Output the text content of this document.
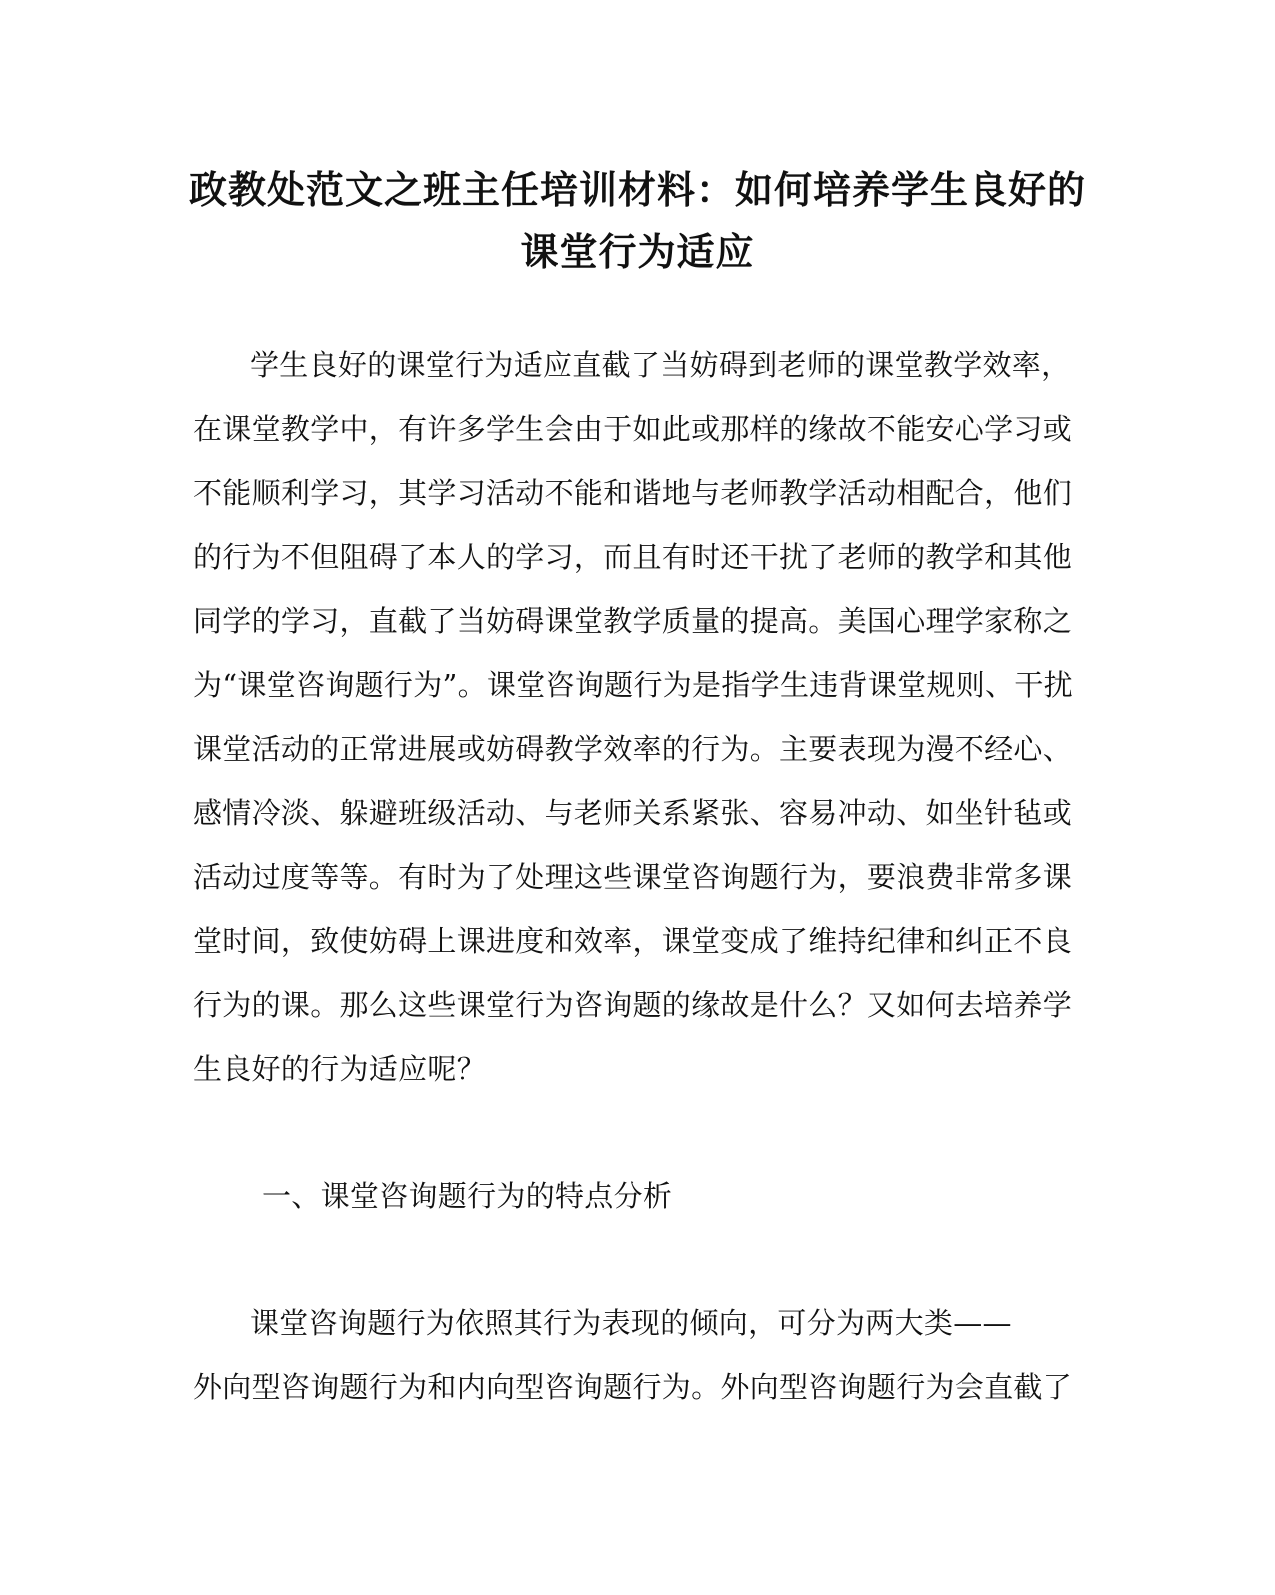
政教处范文之班主任培训材料：如何培养学生良好的
课堂行为适应
学生良好的课堂行为适应直截了当妨碍到老师的课堂教学效率，
在课堂教学中，有许多学生会由于如此或那样的缘故不能安心学习或
不能顺利学习，其学习活动不能和谐地与老师教学活动相配合，他们
的行为不但阻碍了本人的学习，而且有时还干扰了老师的教学和其他
同学的学习，直截了当妨碍课堂教学质量的提高。美国心理学家称之
为“课堂咨询题行为”。课堂咨询题行为是指学生违背课堂规则、干扰
课堂活动的正常进展或妨碍教学效率的行为。主要表现为漫不经心、
感情冷淡、躲避班级活动、与老师关系紧张、容易冲动、如坐针毡或
活动过度等等。有时为了处理这些课堂咨询题行为，要浪费非常多课
堂时间，致使妨碍上课进度和效率，课堂变成了维持纪律和纠正不良
行为的课。那么这些课堂行为咨询题的缘故是什么？又如何去培养学
生良好的行为适应呢？
一、课堂咨询题行为的特点分析
课堂咨询题行为依照其行为表现的倾向，可分为两大类——
外向型咨询题行为和内向型咨询题行为。外向型咨询题行为会直截了
